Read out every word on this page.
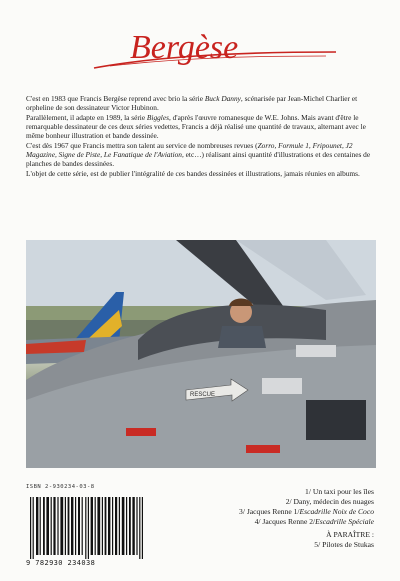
Bergèse

C'est en 1983 que Francis Bergèse reprend avec brio la série Buck Danny, scénarisée par Jean-Michel Charlier et orpheline de son dessinateur Victor Hubinon.

Parallèlement, il adapte en 1989, la série Biggles, d'après l'œuvre romanesque de W.E. Johns. Mais avant d'être le remarquable dessinateur de ces deux séries vedettes, Francis a déjà réalisé une quantité de travaux, alternant avec le même bonheur illustration et bande dessinée.

C'est dès 1967 que Francis mettra son talent au service de nombreuses revues (Zorro, Formule 1, Fripounet, J2 Magazine, Signe de Piste, Le Fanatique de l'Aviation, etc…) réalisant ainsi quantité d'illustrations et des centaines de planches de bandes dessinées.

L'objet de cette série, est de publier l'intégralité de ces bandes dessinées et illustrations, jamais réunies en albums.

RESCUE
ISBN 2-930234-03-8
9 782930 234038
1/ Un taxi pour les îles
2/ Dany, médecin des nuages
3/ Jacques Renne 1/Escadrille Noix de Coco
4/ Jacques Renne 2/Escadrille Spéciale
À PARAÎTRE :
5/ Pilotes de Stukas
